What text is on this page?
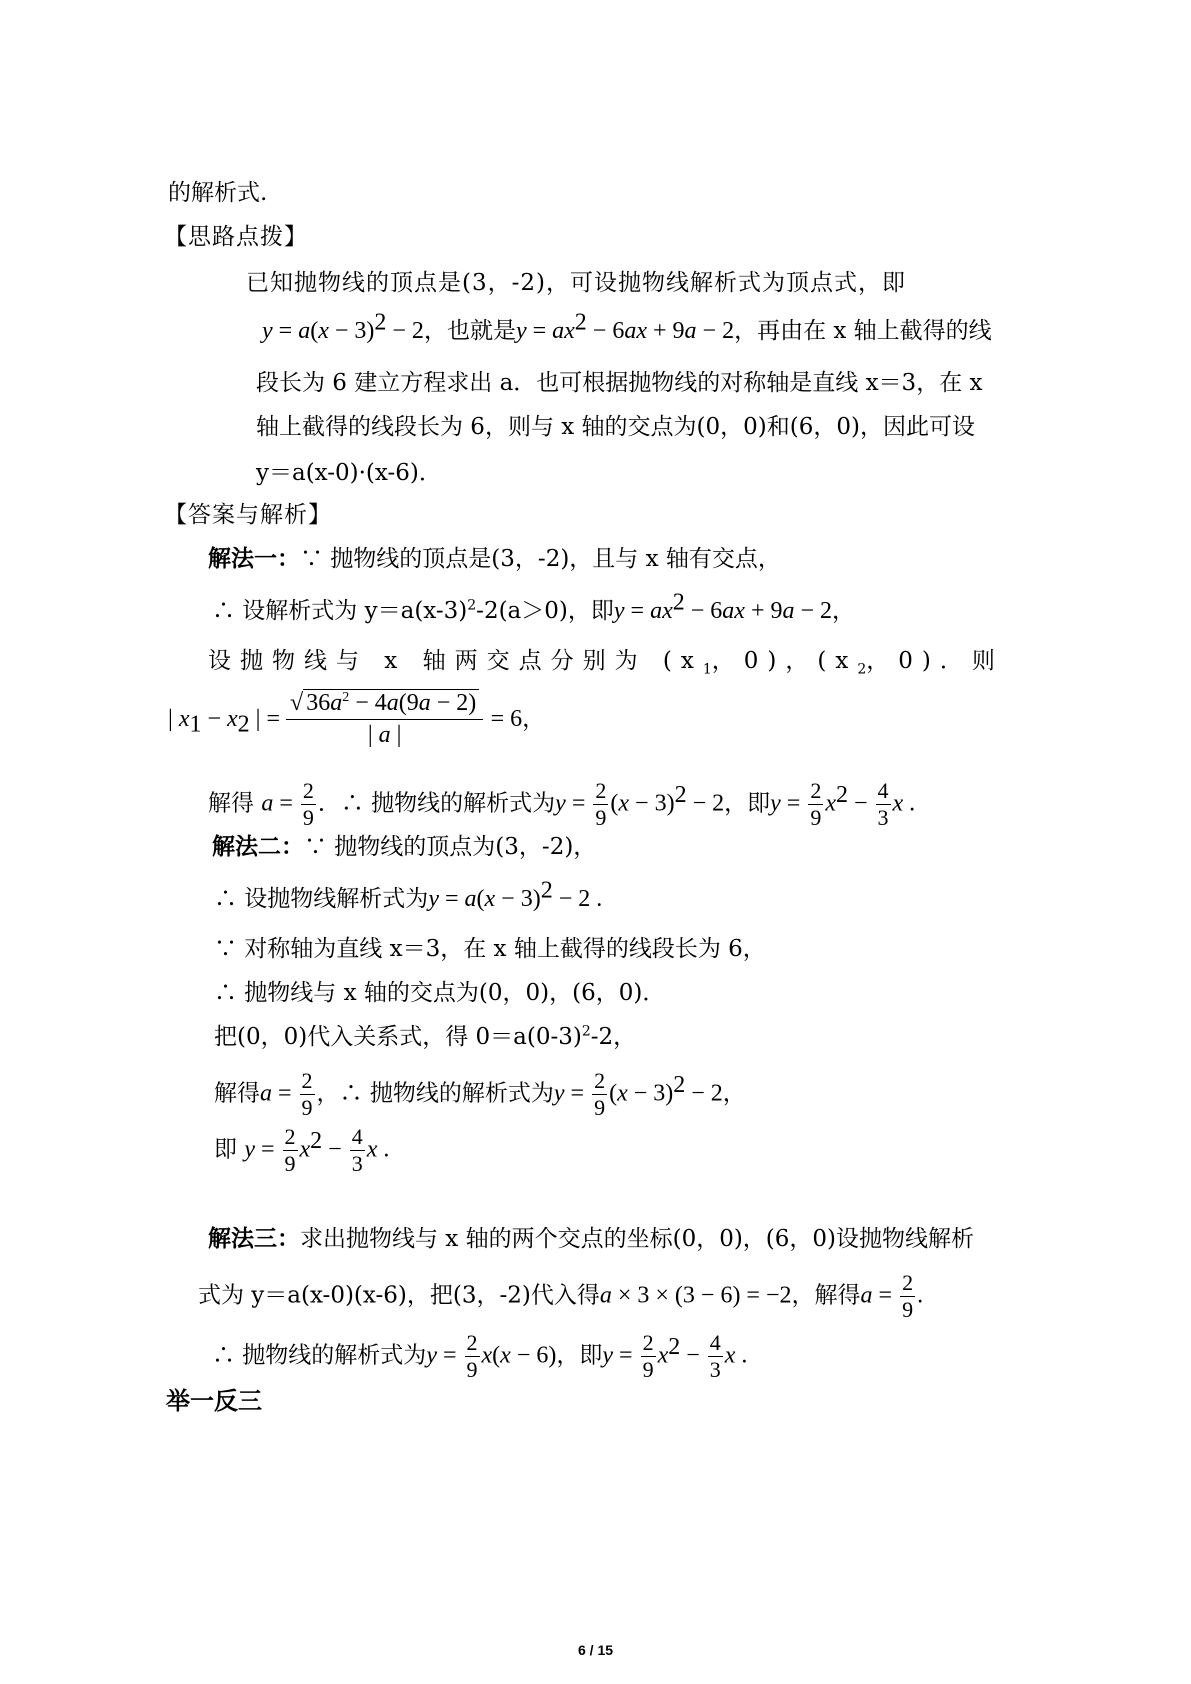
的解析式.
【思路点拨】
已知抛物线的顶点是(3，-2)，可设抛物线解析式为顶点式，即
$y = a(x - 3)^2 - 2$，也就是$y = ax^2 - 6ax + 9a - 2$，再由在 x 轴上截得的线
段长为 6 建立方程求出 a．也可根据抛物线的对称轴是直线 x＝3，在 x
轴上截得的线段长为 6，则与 x 轴的交点为(0，0)和(6，0)，因此可设
y＝a(x-0)·(x-6)．
【答案与解析】
解法一：∵ 抛物线的顶点是(3，-2)，且与 x 轴有交点，
∴ 设解析式为 $y=a(x-3)^2-2(a>0)$，即$y = ax^2 - 6ax + 9a - 2$，
设抛物线与 x 轴两交点分别为 ($x_1$，0)，($x_2$，0)．则
| $x_1 - x_2$ | = $\frac{√ 36a^2 - 4a(9a - 2)}{| a |} = 6$，
解得 $a = \frac{2}{9}$ ．∴ 抛物线的解析式为$y = \frac{2}{9} (x - 3)^2 - 2$，即$y = \frac{2}{9} x^2 - \frac{4}{3}$ x .
解法二：∵ 抛物线的顶点为(3，-2)，
∴ 设抛物线解析式为$y = a(x - 3)^2 - 2$ .
∵ 对称轴为直线 x＝3，在 x 轴上截得的线段长为 6，
∴ 抛物线与 x 轴的交点为(0，0)，(6，0)．
把(0，0)代入关系式，得 $0=a(0-3)^2-2$，
解得$a = \frac{2}{9}$ ，∴ 抛物线的解析式为$y = \frac{2}{9} (x - 3)^2 - 2$，
即 $y = \frac{2}{9} x^2 - \frac{4}{3}$ x .
解法三：求出抛物线与 x 轴的两个交点的坐标(0，0)，(6，0)设抛物线解析
式为 y＝a(x-0)(x-6)，把(3，-2)代入得a × 3 × (3 − 6) = −2，解得$a = \frac{2}{9}$ .
∴ 抛物线的解析式为$y = \frac{2}{9} x(x - 6)$，即$y = \frac{2}{9} x^2 - \frac{4}{3}$ x .
举一反三
6 / 15
